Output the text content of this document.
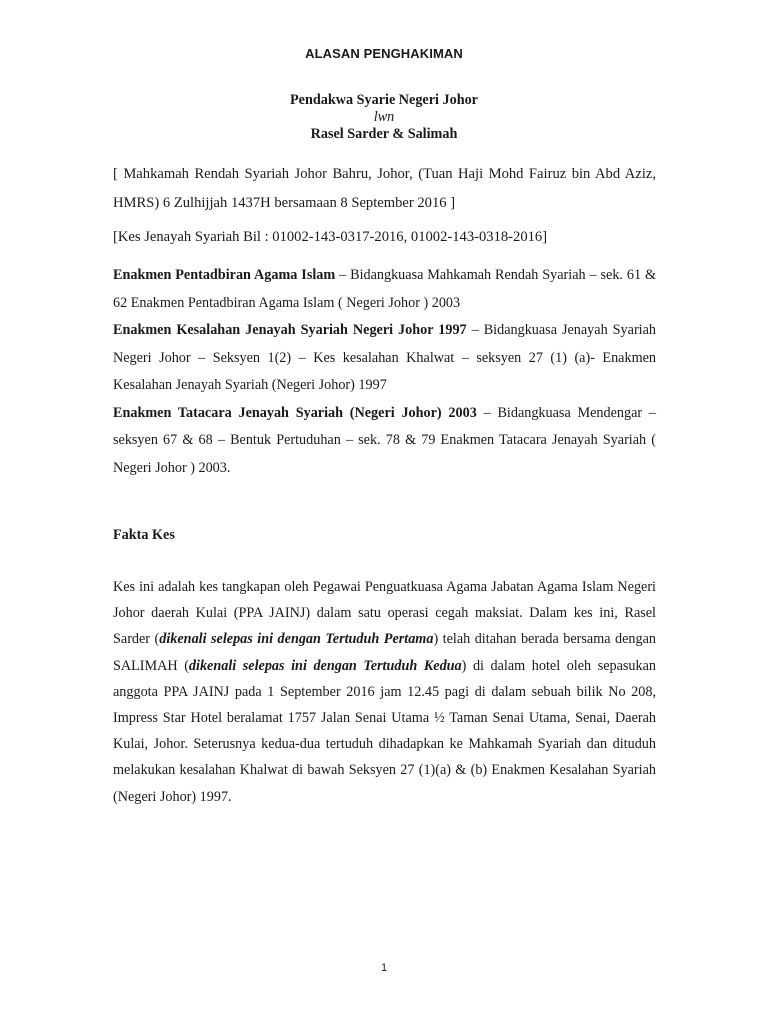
ALASAN PENGHAKIMAN
Pendakwa Syarie Negeri Johor
lwn
Rasel Sarder & Salimah
[ Mahkamah Rendah Syariah Johor Bahru, Johor, (Tuan Haji Mohd Fairuz bin Abd Aziz, HMRS) 6 Zulhijjah 1437H bersamaan 8 September 2016 ]
[Kes Jenayah Syariah Bil : 01002-143-0317-2016, 01002-143-0318-2016]

Enakmen Pentadbiran Agama Islam – Bidangkuasa Mahkamah Rendah Syariah – sek. 61 & 62 Enakmen Pentadbiran Agama Islam ( Negeri Johor ) 2003

Enakmen Kesalahan Jenayah Syariah Negeri Johor 1997 – Bidangkuasa Jenayah Syariah Negeri Johor – Seksyen 1(2) – Kes kesalahan Khalwat – seksyen 27 (1) (a)- Enakmen Kesalahan Jenayah Syariah (Negeri Johor) 1997

Enakmen Tatacara Jenayah Syariah (Negeri Johor) 2003 – Bidangkuasa Mendengar – seksyen 67 & 68 – Bentuk Pertuduhan – sek. 78 & 79 Enakmen Tatacara Jenayah Syariah ( Negeri Johor ) 2003.

Fakta Kes
Kes ini adalah kes tangkapan oleh Pegawai Penguatkuasa Agama Jabatan Agama Islam Negeri Johor daerah Kulai (PPA JAINJ) dalam satu operasi cegah maksiat. Dalam kes ini, Rasel Sarder (dikenali selepas ini dengan Tertuduh Pertama) telah ditahan berada bersama dengan SALIMAH (dikenali selepas ini dengan Tertuduh Kedua) di dalam hotel oleh sepasukan anggota PPA JAINJ pada 1 September 2016 jam 12.45 pagi di dalam sebuah bilik No 208, Impress Star Hotel beralamat 1757 Jalan Senai Utama ½ Taman Senai Utama, Senai, Daerah Kulai, Johor. Seterusnya kedua-dua tertuduh dihadapkan ke Mahkamah Syariah dan dituduh melakukan kesalahan Khalwat di bawah Seksyen 27 (1)(a) & (b) Enakmen Kesalahan Syariah (Negeri Johor) 1997.
1
